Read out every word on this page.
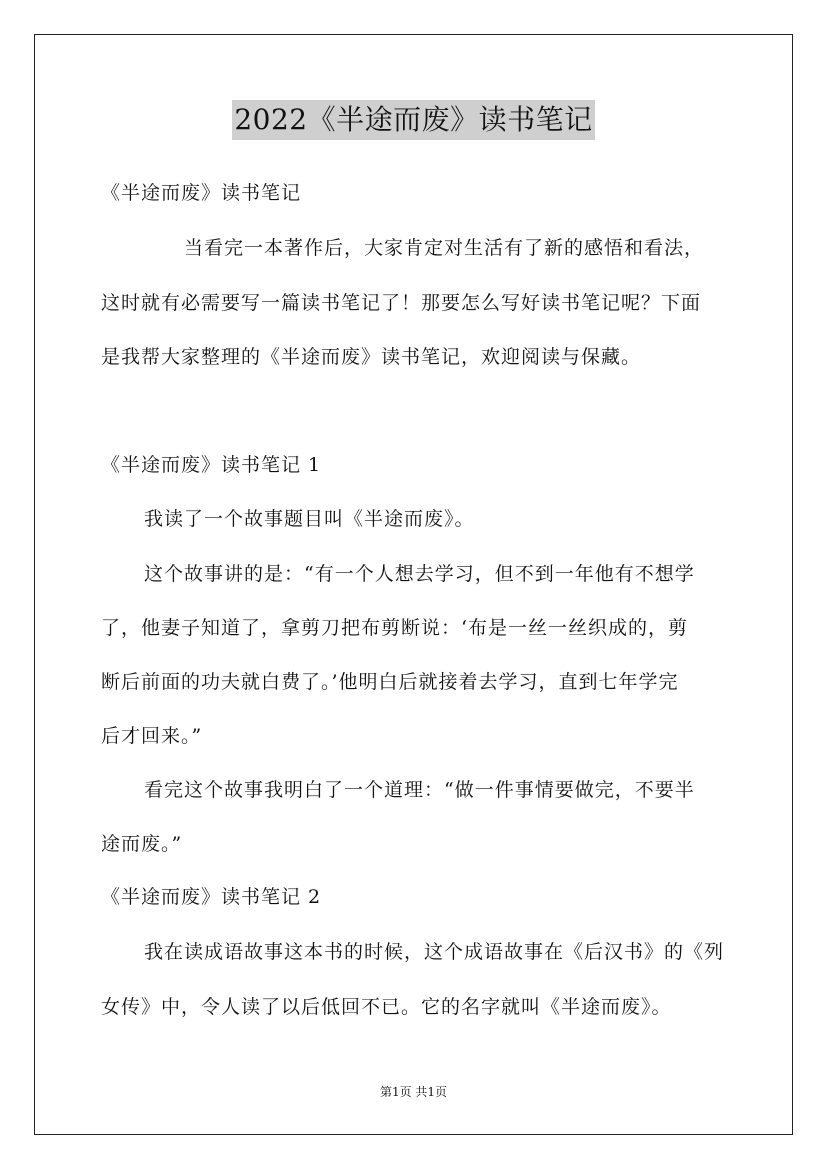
2022《半途而废》读书笔记
《半途而废》读书笔记
当看完一本著作后，大家肯定对生活有了新的感悟和看法，
这时就有必需要写一篇读书笔记了！那要怎么写好读书笔记呢？下面
是我帮大家整理的《半途而废》读书笔记，欢迎阅读与保藏。
《半途而废》读书笔记 1
我读了一个故事题目叫《半途而废》。
这个故事讲的是：“有一个人想去学习，但不到一年他有不想学
了，他妻子知道了，拿剪刀把布剪断说：‘布是一丝一丝织成的，剪
断后前面的功夫就白费了。’他明白后就接着去学习，直到七年学完
后才回来。”
看完这个故事我明白了一个道理：“做一件事情要做完，不要半
途而废。”
《半途而废》读书笔记 2
我在读成语故事这本书的时候，这个成语故事在《后汉书》的《列
女传》中，令人读了以后低回不已。它的名字就叫《半途而废》。
第1页 共1页
